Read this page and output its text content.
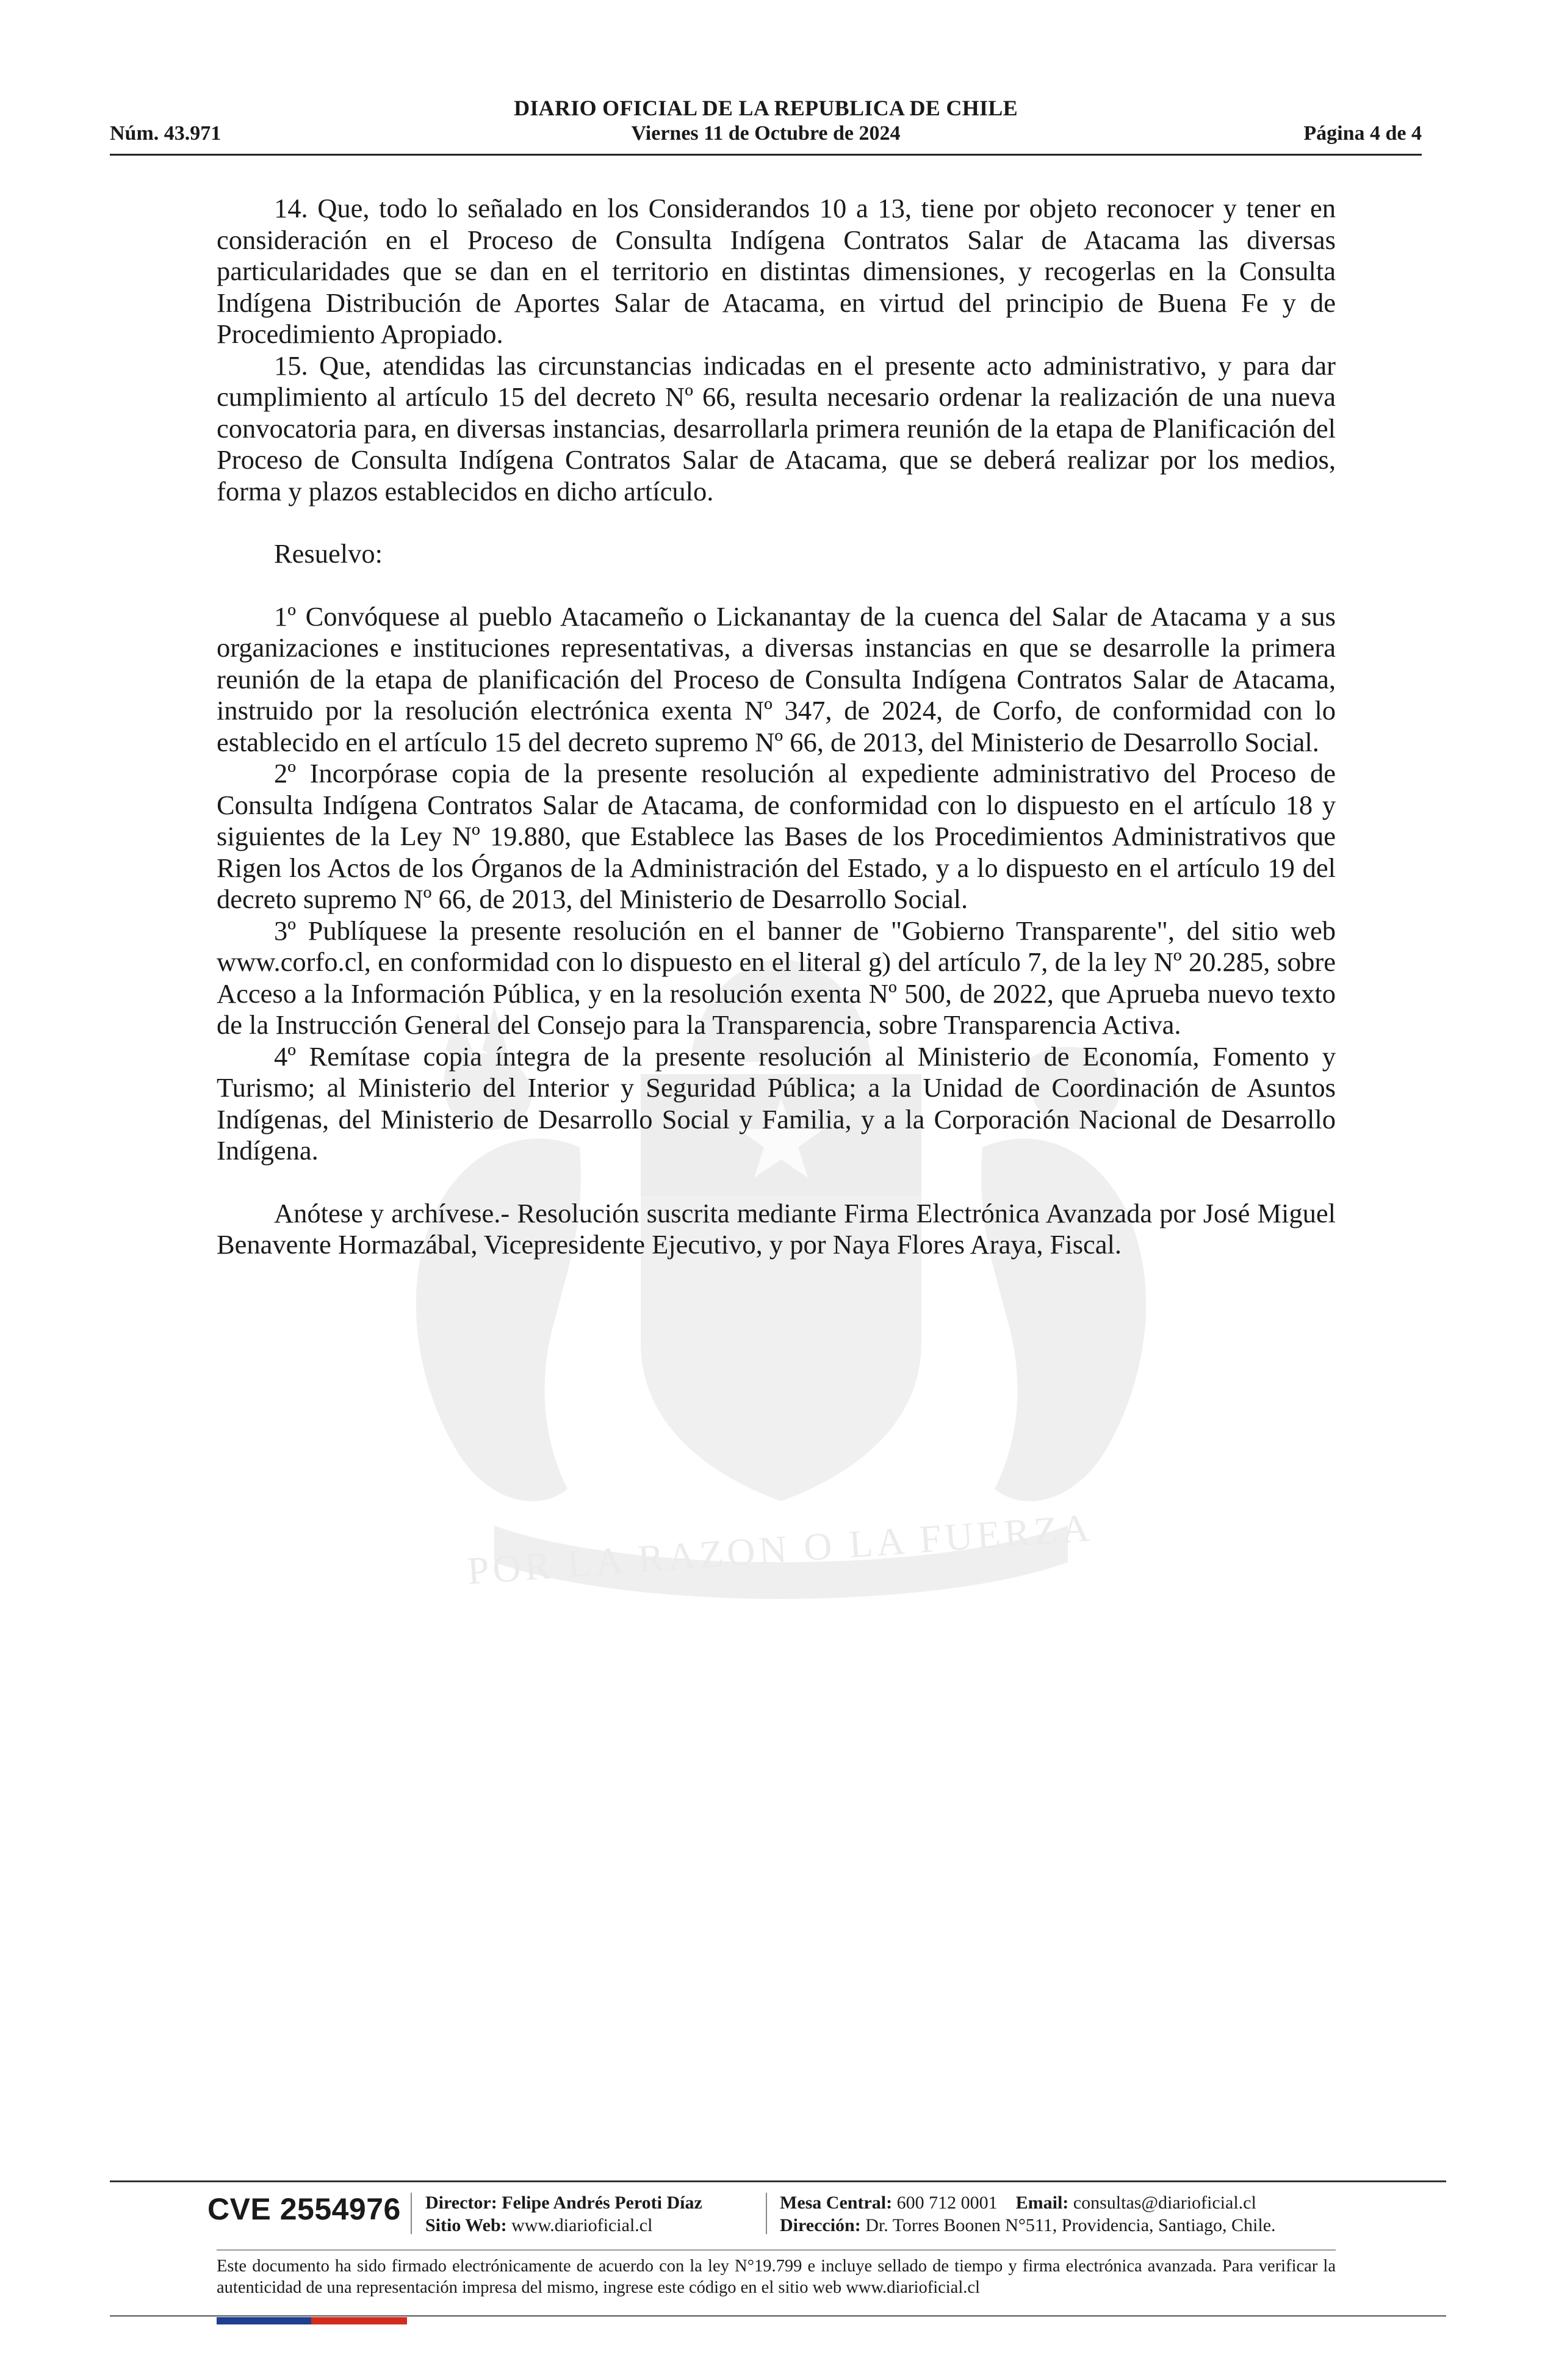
POR LA RAZON O LA FUERZA
DIARIO OFICIAL DE LA REPUBLICA DE CHILE
Núm. 43.971	Viernes 11 de Octubre de 2024	Página 4 de 4

14. Que, todo lo señalado en los Considerandos 10 a 13, tiene por objeto reconocer y tener en consideración en el Proceso de Consulta Indígena Contratos Salar de Atacama las diversas particularidades que se dan en el territorio en distintas dimensiones, y recogerlas en la Consulta Indígena Distribución de Aportes Salar de Atacama, en virtud del principio de Buena Fe y de Procedimiento Apropiado.

15. Que, atendidas las circunstancias indicadas en el presente acto administrativo, y para dar cumplimiento al artículo 15 del decreto Nº 66, resulta necesario ordenar la realización de una nueva convocatoria para, en diversas instancias, desarrollarla primera reunión de la etapa de Planificación del Proceso de Consulta Indígena Contratos Salar de Atacama, que se deberá realizar por los medios, forma y plazos establecidos en dicho artículo.

Resuelvo:

1º Convóquese al pueblo Atacameño o Lickanantay de la cuenca del Salar de Atacama y a sus organizaciones e instituciones representativas, a diversas instancias en que se desarrolle la primera reunión de la etapa de planificación del Proceso de Consulta Indígena Contratos Salar de Atacama, instruido por la resolución electrónica exenta Nº 347, de 2024, de Corfo, de conformidad con lo establecido en el artículo 15 del decreto supremo Nº 66, de 2013, del Ministerio de Desarrollo Social.

2º Incorpórase copia de la presente resolución al expediente administrativo del Proceso de Consulta Indígena Contratos Salar de Atacama, de conformidad con lo dispuesto en el artículo 18 y siguientes de la Ley Nº 19.880, que Establece las Bases de los Procedimientos Administrativos que Rigen los Actos de los Órganos de la Administración del Estado, y a lo dispuesto en el artículo 19 del decreto supremo Nº 66, de 2013, del Ministerio de Desarrollo Social.

3º Publíquese la presente resolución en el banner de "Gobierno Transparente", del sitio web www.corfo.cl, en conformidad con lo dispuesto en el literal g) del artículo 7, de la ley Nº 20.285, sobre Acceso a la Información Pública, y en la resolución exenta Nº 500, de 2022, que Aprueba nuevo texto de la Instrucción General del Consejo para la Transparencia, sobre Transparencia Activa.

4º Remítase copia íntegra de la presente resolución al Ministerio de Economía, Fomento y Turismo; al Ministerio del Interior y Seguridad Pública; a la Unidad de Coordinación de Asuntos Indígenas, del Ministerio de Desarrollo Social y Familia, y a la Corporación Nacional de Desarrollo Indígena.

Anótese y archívese.- Resolución suscrita mediante Firma Electrónica Avanzada por José Miguel Benavente Hormazábal, Vicepresidente Ejecutivo, y por Naya Flores Araya, Fiscal.

CVE 2554976 Director: Felipe Andrés Peroti Díaz
Sitio Web: www.diarioficial.cl
Mesa Central: 600 712 0001 Email: consultas@diarioficial.cl
Dirección: Dr. Torres Boonen N°511, Providencia, Santiago, Chile.
Este documento ha sido firmado electrónicamente de acuerdo con la ley N°19.799 e incluye sellado de tiempo y firma electrónica avanzada. Para verificar la autenticidad de una representación impresa del mismo, ingrese este código en el sitio web www.diarioficial.cl
